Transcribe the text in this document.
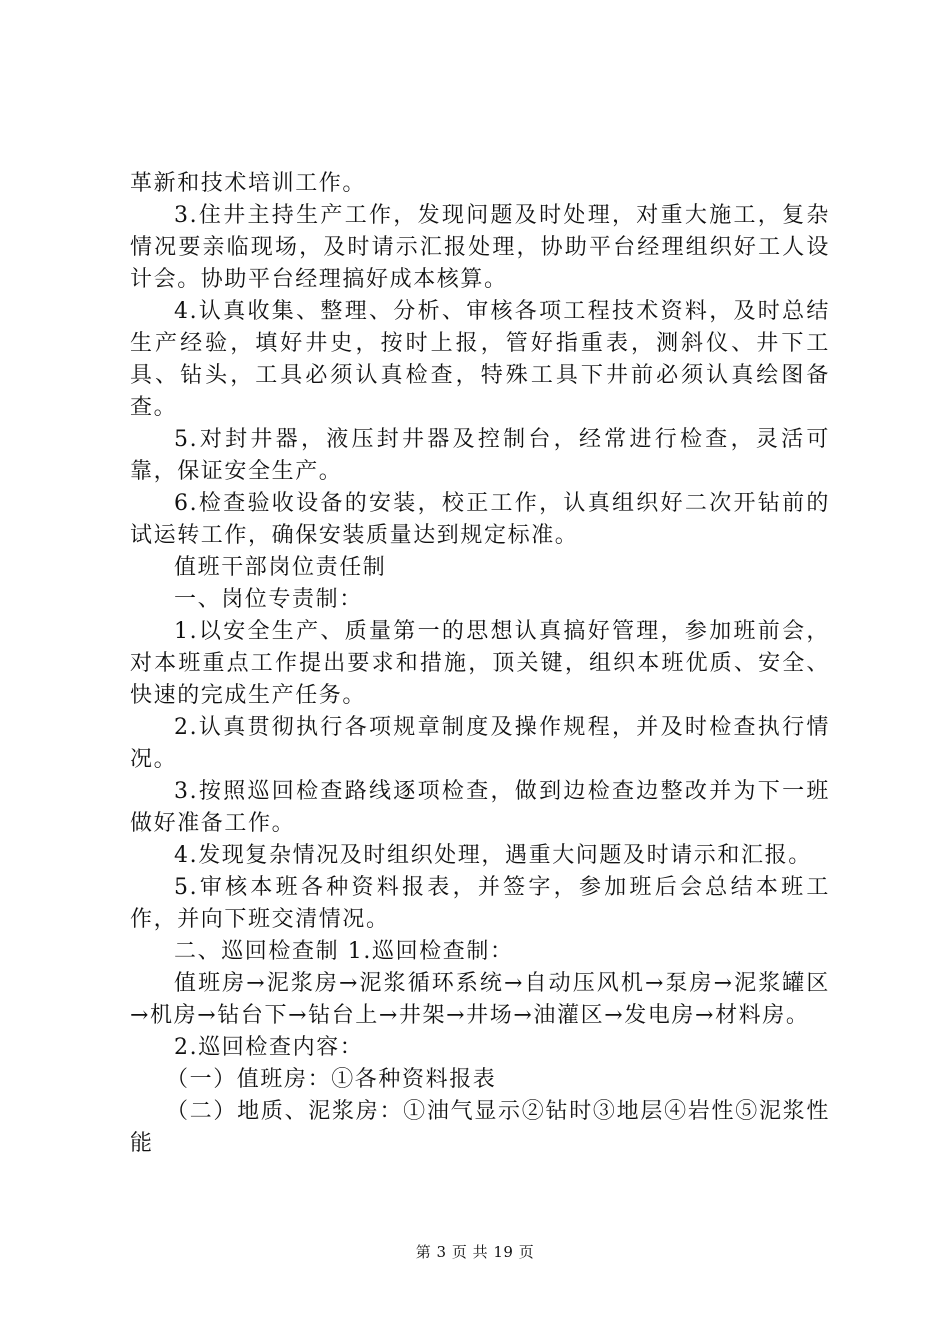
革新和技术培训工作。

3.住井主持生产工作，发现问题及时处理，对重大施工，复杂情况要亲临现场，及时请示汇报处理，协助平台经理组织好工人设计会。协助平台经理搞好成本核算。

4.认真收集、整理、分析、审核各项工程技术资料，及时总结生产经验，填好井史，按时上报，管好指重表，测斜仪、井下工具、钻头，工具必须认真检查，特殊工具下井前必须认真绘图备查。

5.对封井器，液压封井器及控制台，经常进行检查，灵活可靠，保证安全生产。

6.检查验收设备的安装，校正工作，认真组织好二次开钻前的试运转工作，确保安装质量达到规定标准。

值班干部岗位责任制

一、岗位专责制：

1.以安全生产、质量第一的思想认真搞好管理，参加班前会，对本班重点工作提出要求和措施，顶关键，组织本班优质、安全、快速的完成生产任务。

2.认真贯彻执行各项规章制度及操作规程，并及时检查执行情况。

3.按照巡回检查路线逐项检查，做到边检查边整改并为下一班做好准备工作。

4.发现复杂情况及时组织处理，遇重大问题及时请示和汇报。

5.审核本班各种资料报表，并签字，参加班后会总结本班工作，并向下班交清情况。

二、巡回检查制 1.巡回检查制：

值班房→泥浆房→泥浆循环系统→自动压风机→泵房→泥浆罐区→机房→钻台下→钻台上→井架→井场→油灌区→发电房→材料房。

2.巡回检查内容：

（一）值班房：①各种资料报表

（二）地质、泥浆房：①油气显示②钻时③地层④岩性⑤泥浆性能

第 3 页 共 19 页
